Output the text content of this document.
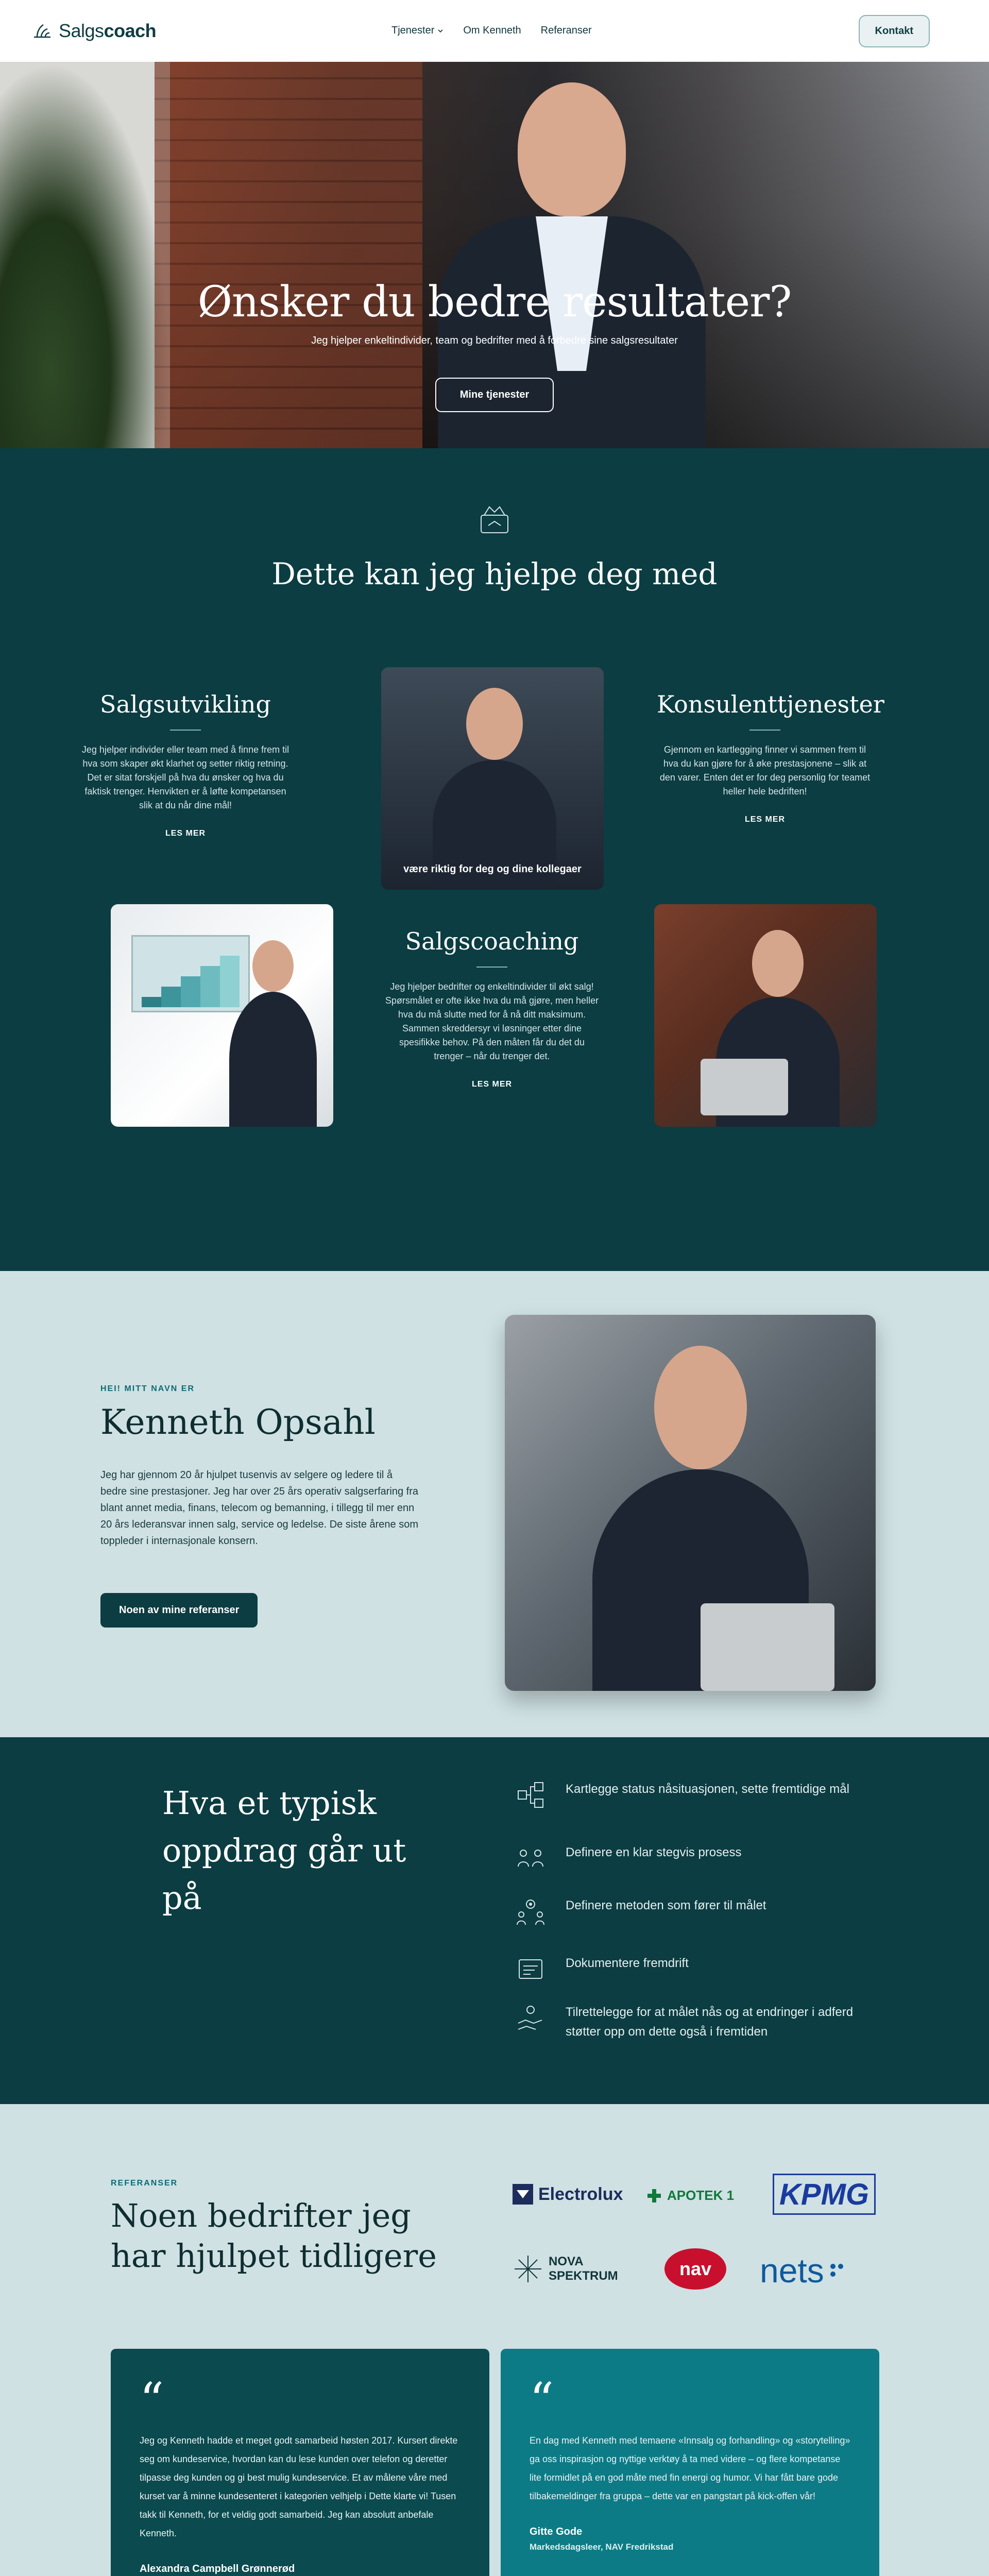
Salgscoach	Tjenester	Om Kenneth Referanser	Kontakt
Ønsker du bedre resultater?

Jeg hjelper enkeltindivider, team og bedrifter med å forbedre sine salgsresultater

Mine tjenester
Dette kan jeg hjelpe deg med
Salgsutvikling

Jeg hjelper individer eller team med å finne frem til hva som skaper økt klarhet og setter riktig retning. Det er sitat forskjell på hva du ønsker og hva du faktisk trenger. Henvikten er å løfte kompetansen slik at du når dine mål!

LES MER
være riktig for deg og dine kollegaer
Konsulenttjenester

Gjennom en kartlegging finner vi sammen frem til hva du kan gjøre for å øke prestasjonene – slik at den varer. Enten det er for deg personlig for teamet heller hele bedriften!

LES MER
Salgscoaching

Jeg hjelper bedrifter og enkeltindivider til økt salg! Spørsmålet er ofte ikke hva du må gjøre, men heller hva du må slutte med for å nå ditt maksimum. Sammen skreddersyr vi løsninger etter dine spesifikke behov. På den måten får du det du trenger – når du trenger det.

LES MER
HEI! MITT NAVN ER
Kenneth Opsahl

Jeg har gjennom 20 år hjulpet tusenvis av selgere og ledere til å bedre sine prestasjoner. Jeg har over 25 års operativ salgserfaring fra blant annet media, finans, telecom og bemanning, i tillegg til mer enn 20 års lederansvar innen salg, service og ledelse. De siste årene som toppleder i internasjonale konsern.

Noen av mine referanser
Hva et typisk oppdrag går ut på
Kartlegge status nåsituasjonen, sette fremtidige mål
Definere en klar stegvis prosess
Definere metoden som fører til målet
Dokumentere fremdrift
Tilrettelegge for at målet nås og at endringer i adferd støtter opp om dette også i fremtiden
REFERANSER
Noen bedrifter jeg har hjulpet tidligere
Electrolux	APOTEK 1 KPMG
NOVA SPEKTRUM	nav nets
“

Jeg og Kenneth hadde et meget godt samarbeid høsten 2017. Kursert direkte seg om kundeservice, hvordan kan du lese kunden over telefon og deretter tilpasse deg kunden og gi best mulig kundeservice. Et av målene våre med kurset var å minne kundesenteret i kategorien velhjelp i Dette klarte vi! Tusen takk til Kenneth, for et veldig godt samarbeid. Jeg kan absolutt anbefale Kenneth.

Alexandra Campbell Grønnerød
“

En dag med Kenneth med temaene «Innsalg og forhandling» og «storytelling» ga oss inspirasjon og nyttige verktøy å ta med videre – og flere kompetanse lite formidlet på en god måte med fin energi og humor. Vi har fått bare gode tilbakemeldinger fra gruppa – dette var en pangstart på kick-offen vår!

Gitte Gode
Markedsdagsleer, NAV Fredrikstad
